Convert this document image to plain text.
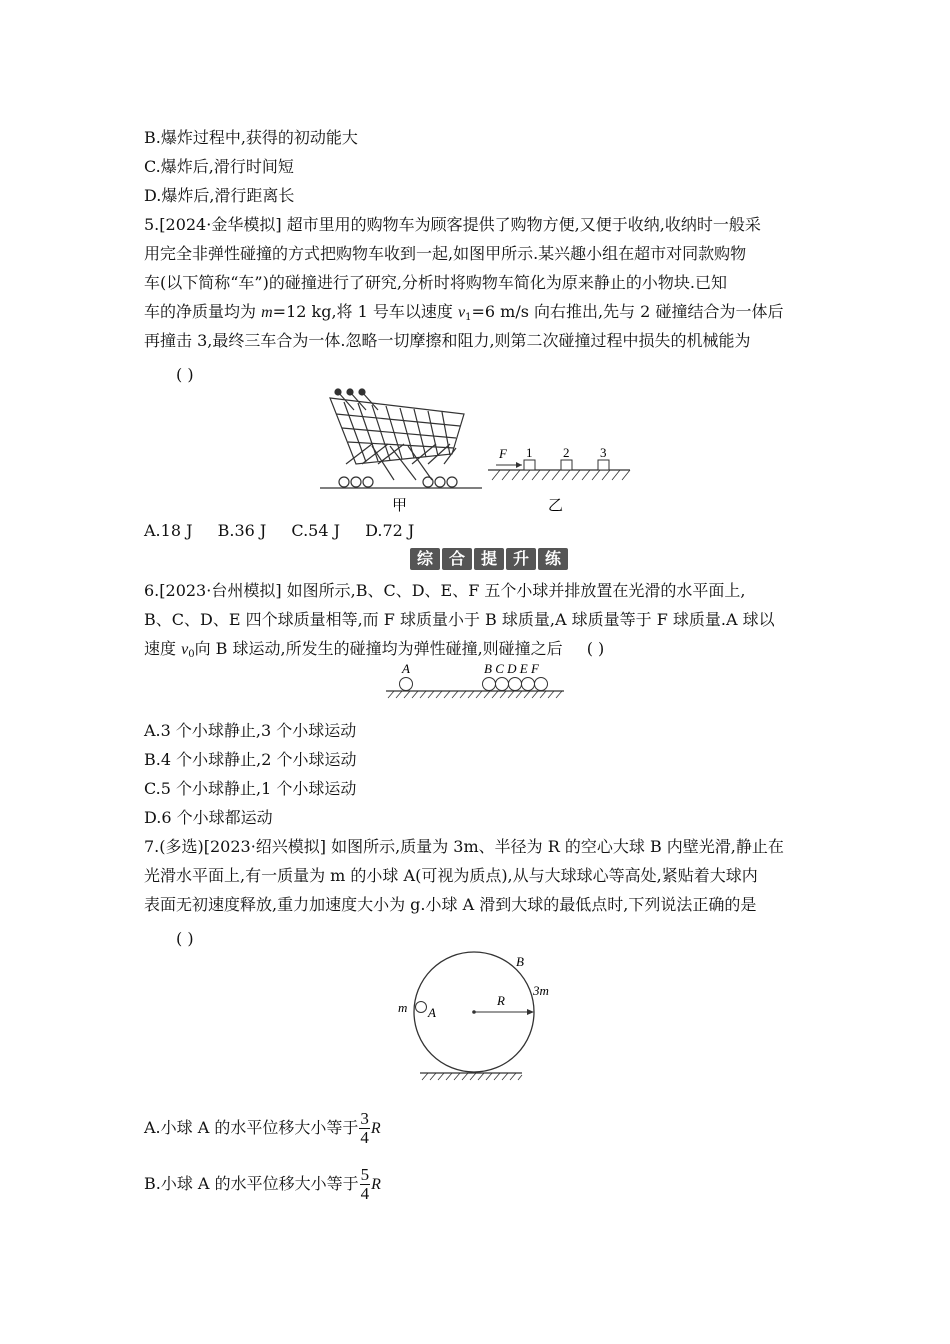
B.爆炸过程中,获得的初动能大
C.爆炸后,滑行时间短
D.爆炸后,滑行距离长
5.[2024·金华模拟] 超市里用的购物车为顾客提供了购物方便,又便于收纳,收纳时一般采
用完全非弹性碰撞的方式把购物车收到一起,如图甲所示.某兴趣小组在超市对同款购物
车(以下简称“车”)的碰撞进行了研究,分析时将购物车简化为原来静止的小物块.已知
车的净质量均为 m=12 kg,将 1 号车以速度 $v_1=6$ m/s 向右推出,先与 2 碰撞结合为一体后
再撞击 3,最终三车合为一体.忽略一切摩擦和阻力,则第二次碰撞过程中损失的机械能为
( )
甲
F 1 2 3
乙
A.18 J B.36 J C.54 J D.72 J
综 合 提 升 练
6.[2023·台州模拟] 如图所示,B、C、D、E、F 五个小球并排放置在光滑的水平面上,
B、C、D、E 四个球质量相等,而 F 球质量小于 B 球质量,A 球质量等于 F 球质量.A 球以
速度 $v_0$向 B 球运动,所发生的碰撞均为弹性碰撞,则碰撞之后 ( )
A	B C D E F
A.3 个小球静止,3 个小球运动
B.4 个小球静止,2 个小球运动
C.5 个小球静止,1 个小球运动
D.6 个小球都运动
7.(多选)[2023·绍兴模拟] 如图所示,质量为 3m、半径为 R 的空心大球 B 内壁光滑,静止在
光滑水平面上,有一质量为 m 的小球 A(可视为质点),从与大球球心等高处,紧贴着大球内
表面无初速度释放,重力加速度大小为 g.小球 A 滑到大球的最低点时,下列说法正确的是
( )
B
3m
m A
R
A.小球 A 的水平位移大小等于 $\frac{3}{4}$ R
B.小球 A 的水平位移大小等于 $\frac{5}{4}$ R
